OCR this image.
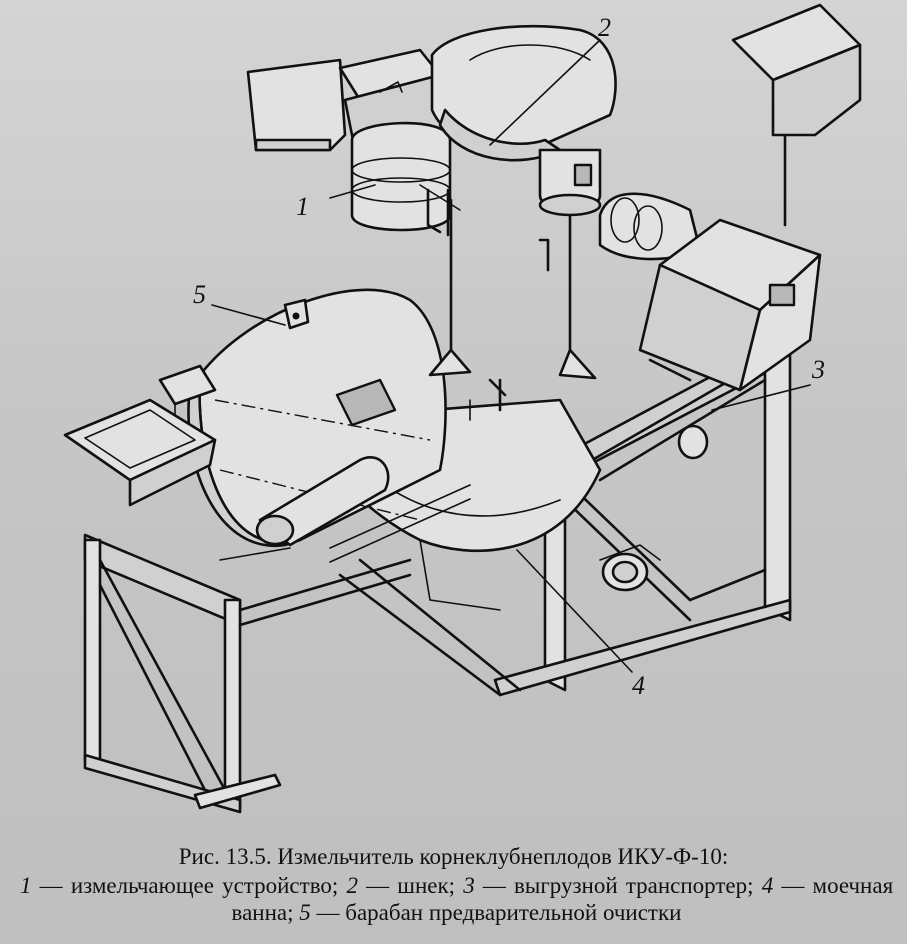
1
2
3
4
5
Рис. 13.5. Измельчитель корнеклубнеплодов ИКУ-Ф-10:
1 — измельчающее устройство; 2 — шнек; 3 — выгрузной транспортер; 4 — моечная ванна; 5 — барабан предварительной очистки
